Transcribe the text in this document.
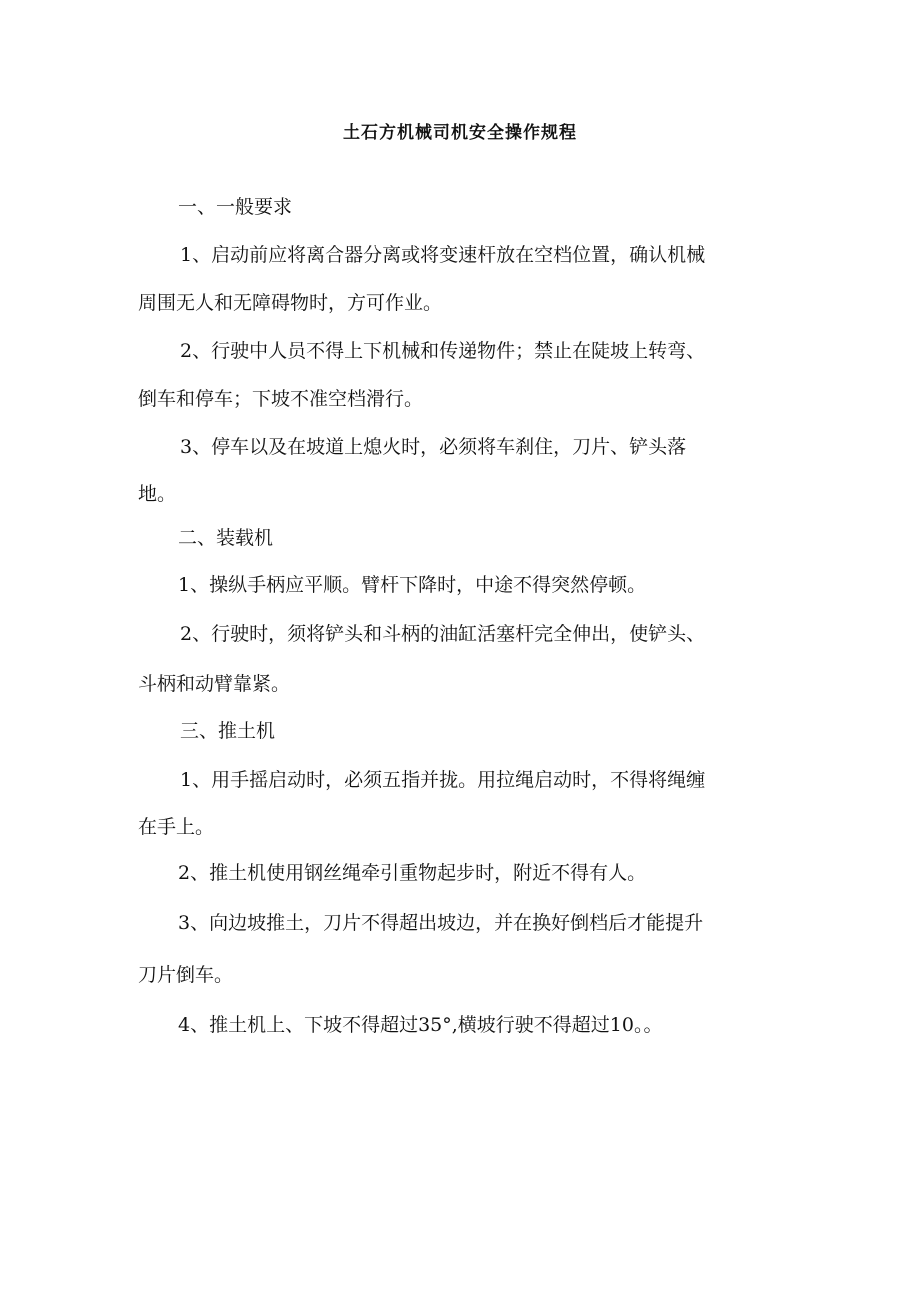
土石方机械司机安全操作规程
一、一般要求
1、启动前应将离合器分离或将变速杆放在空档位置，确认机械
周围无人和无障碍物时，方可作业。
2、行驶中人员不得上下机械和传递物件；禁止在陡坡上转弯、
倒车和停车；下坡不准空档滑行。
3、停车以及在坡道上熄火时，必须将车刹住，刀片、铲头落
地。
二、装载机
1、操纵手柄应平顺。臂杆下降时，中途不得突然停顿。
2、行驶时，须将铲头和斗柄的油缸活塞杆完全伸出，使铲头、
斗柄和动臂靠紧。
三、推土机
1、用手摇启动时，必须五指并拢。用拉绳启动时，不得将绳缠
在手上。
2、推土机使用钢丝绳牵引重物起步时，附近不得有人。
3、向边坡推土，刀片不得超出坡边，并在换好倒档后才能提升
刀片倒车。
4、推土机上、下坡不得超过35°,横坡行驶不得超过10。。
